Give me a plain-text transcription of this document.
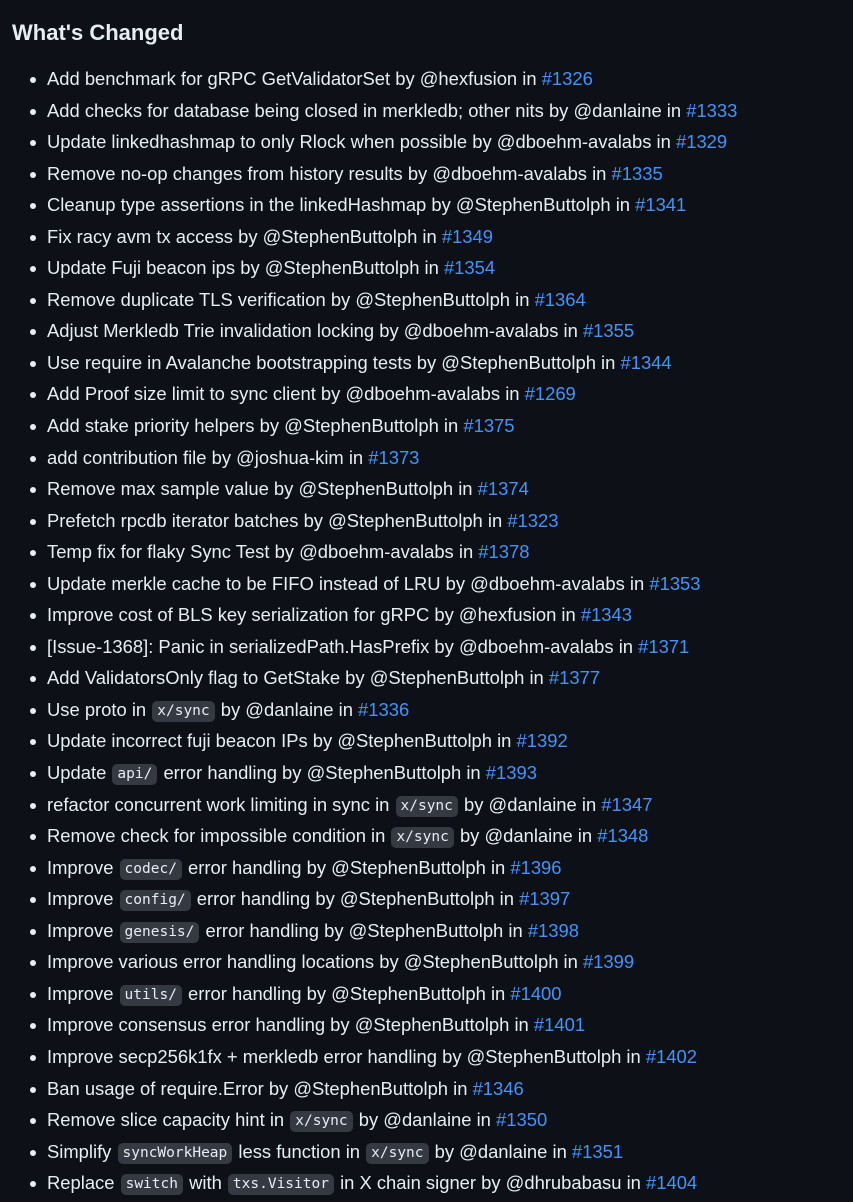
What's Changed
Add benchmark for gRPC GetValidatorSet by @hexfusion in #1326
Add checks for database being closed in merkledb; other nits by @danlaine in #1333
Update linkedhashmap to only Rlock when possible by @dboehm-avalabs in #1329
Remove no-op changes from history results by @dboehm-avalabs in #1335
Cleanup type assertions in the linkedHashmap by @StephenButtolph in #1341
Fix racy avm tx access by @StephenButtolph in #1349
Update Fuji beacon ips by @StephenButtolph in #1354
Remove duplicate TLS verification by @StephenButtolph in #1364
Adjust Merkledb Trie invalidation locking by @dboehm-avalabs in #1355
Use require in Avalanche bootstrapping tests by @StephenButtolph in #1344
Add Proof size limit to sync client by @dboehm-avalabs in #1269
Add stake priority helpers by @StephenButtolph in #1375
add contribution file by @joshua-kim in #1373
Remove max sample value by @StephenButtolph in #1374
Prefetch rpcdb iterator batches by @StephenButtolph in #1323
Temp fix for flaky Sync Test by @dboehm-avalabs in #1378
Update merkle cache to be FIFO instead of LRU by @dboehm-avalabs in #1353
Improve cost of BLS key serialization for gRPC by @hexfusion in #1343
[Issue-1368]: Panic in serializedPath.HasPrefix by @dboehm-avalabs in #1371
Add ValidatorsOnly flag to GetStake by @StephenButtolph in #1377
Use proto in x/sync by @danlaine in #1336
Update incorrect fuji beacon IPs by @StephenButtolph in #1392
Update api/ error handling by @StephenButtolph in #1393
refactor concurrent work limiting in sync in x/sync by @danlaine in #1347
Remove check for impossible condition in x/sync by @danlaine in #1348
Improve codec/ error handling by @StephenButtolph in #1396
Improve config/ error handling by @StephenButtolph in #1397
Improve genesis/ error handling by @StephenButtolph in #1398
Improve various error handling locations by @StephenButtolph in #1399
Improve utils/ error handling by @StephenButtolph in #1400
Improve consensus error handling by @StephenButtolph in #1401
Improve secp256k1fx + merkledb error handling by @StephenButtolph in #1402
Ban usage of require.Error by @StephenButtolph in #1346
Remove slice capacity hint in x/sync by @danlaine in #1350
Simplify syncWorkHeap less function in x/sync by @danlaine in #1351
Replace switch with txs.Visitor in X chain signer by @dhrubabasu in #1404
